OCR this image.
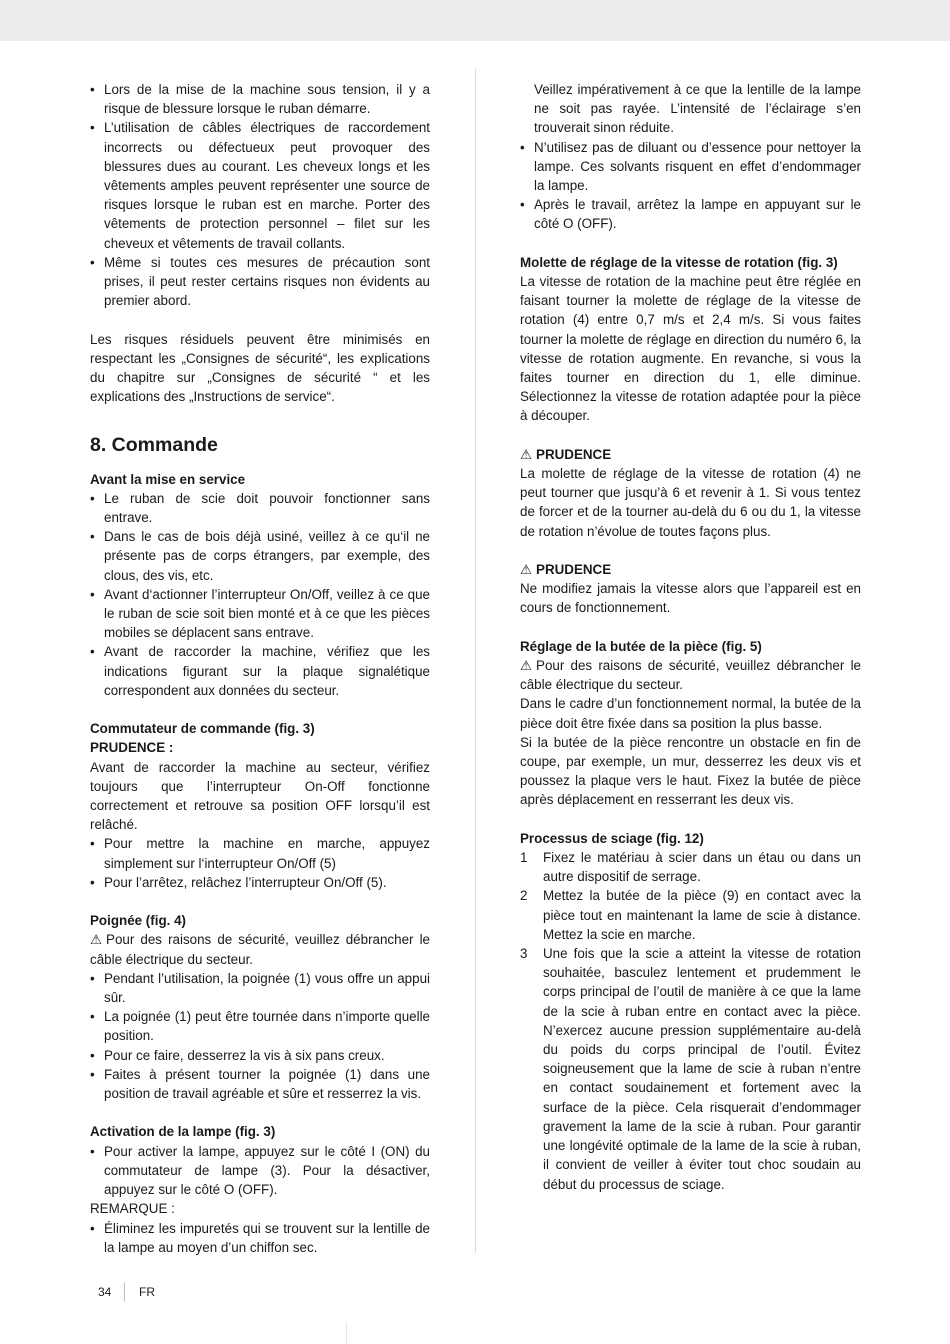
• Lors de la mise de la machine sous tension, il y a risque de blessure lorsque le ruban démarre.
• L’utilisation de câbles électriques de raccordement incorrects ou défectueux peut provoquer des blessures dues au courant. Les cheveux longs et les vêtements amples peuvent représenter une source de risques lorsque le ruban est en marche. Porter des vêtements de protection personnel – filet sur les cheveux et vêtements de travail collants.
• Même si toutes ces mesures de précaution sont prises, il peut rester certains risques non évidents au premier abord.

Les risques résiduels peuvent être minimisés en respectant les „Consignes de sécurité“, les explications du chapitre sur „Consignes de sécurité “ et les explications des „Instructions de service“.

8. Commande
Avant la mise en service
• Le ruban de scie doit pouvoir fonctionner sans entrave.
• Dans le cas de bois déjà usiné, veillez à ce qu‘il ne présente pas de corps étrangers, par exemple, des clous, des vis, etc.
• Avant d‘actionner l’interrupteur On/Off, veillez à ce que le ruban de scie soit bien monté et à ce que les pièces mobiles se déplacent sans entrave.
• Avant de raccorder la machine, vérifiez que les indications figurant sur la plaque signalétique correspondent aux données du secteur.
Commutateur de commande (fig. 3)
PRUDENCE :

Avant de raccorder la machine au secteur, vérifiez toujours que l’interrupteur On-Off fonctionne correctement et retrouve sa position OFF lorsqu’il est relâché.

• Pour mettre la machine en marche, appuyez simplement sur l‘interrupteur On/Off (5)
• Pour l’arrêtez, relâchez l’interrupteur On/Off (5).
Poignée (fig. 4)

⚠ Pour des raisons de sécurité, veuillez débrancher le câble électrique du secteur.

• Pendant l’utilisation, la poignée (1) vous offre un appui sûr.
• La poignée (1) peut être tournée dans n’importe quelle position.
• Pour ce faire, desserrez la vis à six pans creux.
• Faites à présent tourner la poignée (1) dans une position de travail agréable et sûre et resserrez la vis.
Activation de la lampe (fig. 3)
• Pour activer la lampe, appuyez sur le côté I (ON) du commutateur de lampe (3). Pour la désactiver, appuyez sur le côté O (OFF).
REMARQUE :
• Éliminez les impuretés qui se trouvent sur la lentille de la lampe au moyen d’un chiffon sec.

Veillez impérativement à ce que la lentille de la lampe ne soit pas rayée. L’intensité de l’éclairage s’en trouverait sinon réduite.

• N’utilisez pas de diluant ou d’essence pour nettoyer la lampe. Ces solvants risquent en effet d’endommager la lampe.
• Après le travail, arrêtez la lampe en appuyant sur le côté O (OFF).
Molette de réglage de la vitesse de rotation (fig. 3)

La vitesse de rotation de la machine peut être réglée en faisant tourner la molette de réglage de la vitesse de rotation (4) entre 0,7 m/s et 2,4 m/s. Si vous faites tourner la molette de réglage en direction du numéro 6, la vitesse de rotation augmente. En revanche, si vous la faites tourner en direction du 1, elle diminue. Sélectionnez la vitesse de rotation adaptée pour la pièce à découper.

⚠ PRUDENCE

La molette de réglage de la vitesse de rotation (4) ne peut tourner que jusqu’à 6 et revenir à 1. Si vous tentez de forcer et de la tourner au-delà du 6 ou du 1, la vitesse de rotation n’évolue de toutes façons plus.

⚠ PRUDENCE

Ne modifiez jamais la vitesse alors que l’appareil est en cours de fonctionnement.

Réglage de la butée de la pièce (fig. 5)

⚠ Pour des raisons de sécurité, veuillez débrancher le câble électrique du secteur.

Dans le cadre d’un fonctionnement normal, la butée de la pièce doit être fixée dans sa position la plus basse.

Si la butée de la pièce rencontre un obstacle en fin de coupe, par exemple, un mur, desserrez les deux vis et poussez la plaque vers le haut. Fixez la butée de pièce après déplacement en resserrant les deux vis.

Processus de sciage (fig. 12)
1 Fixez le matériau à scier dans un étau ou dans un autre dispositif de serrage.
2 Mettez la butée de la pièce (9) en contact avec la pièce tout en maintenant la lame de scie à distance. Mettez la scie en marche.
3 Une fois que la scie a atteint la vitesse de rotation souhaitée, basculez lentement et prudemment le corps principal de l’outil de manière à ce que la lame de la scie à ruban entre en contact avec la pièce. N’exercez aucune pression supplémentaire au-delà du poids du corps principal de l’outil. Évitez soigneusement que la lame de scie à ruban n’entre en contact soudainement et fortement avec la surface de la pièce. Cela risquerait d’endommager gravement la lame de la scie à ruban. Pour garantir une longévité optimale de la lame de la scie à ruban, il convient de veiller à éviter tout choc soudain au début du processus de sciage.
34 FR
